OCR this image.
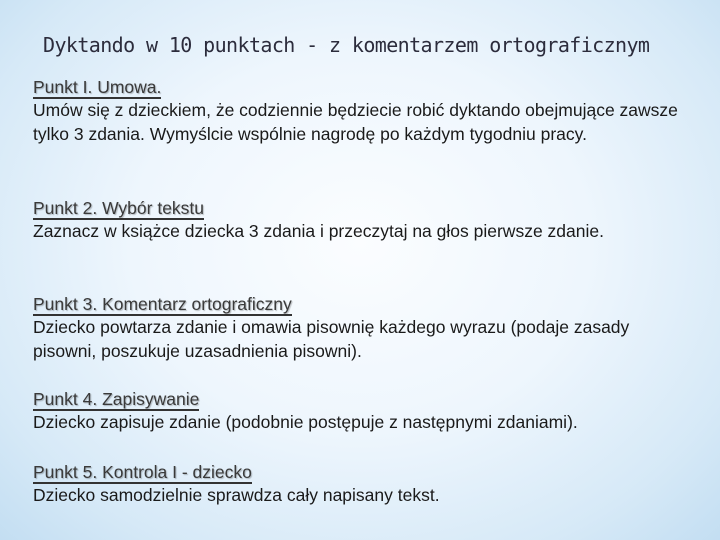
Dyktando w 10 punktach - z komentarzem ortograficznym
Punkt I. Umowa.
Umów się z dzieckiem, że codziennie będziecie robić dyktando obejmujące zawsze tylko 3 zdania. Wymyślcie wspólnie nagrodę po każdym tygodniu pracy.
Punkt 2. Wybór tekstu
Zaznacz w książce dziecka 3 zdania i przeczytaj na głos pierwsze zdanie.
Punkt 3. Komentarz ortograficzny
Dziecko powtarza zdanie i omawia pisownię każdego wyrazu (podaje zasady pisowni, poszukuje uzasadnienia pisowni).
Punkt 4. Zapisywanie
Dziecko zapisuje zdanie (podobnie postępuje z następnymi zdaniami).
Punkt 5. Kontrola I - dziecko
Dziecko samodzielnie sprawdza cały napisany tekst.
